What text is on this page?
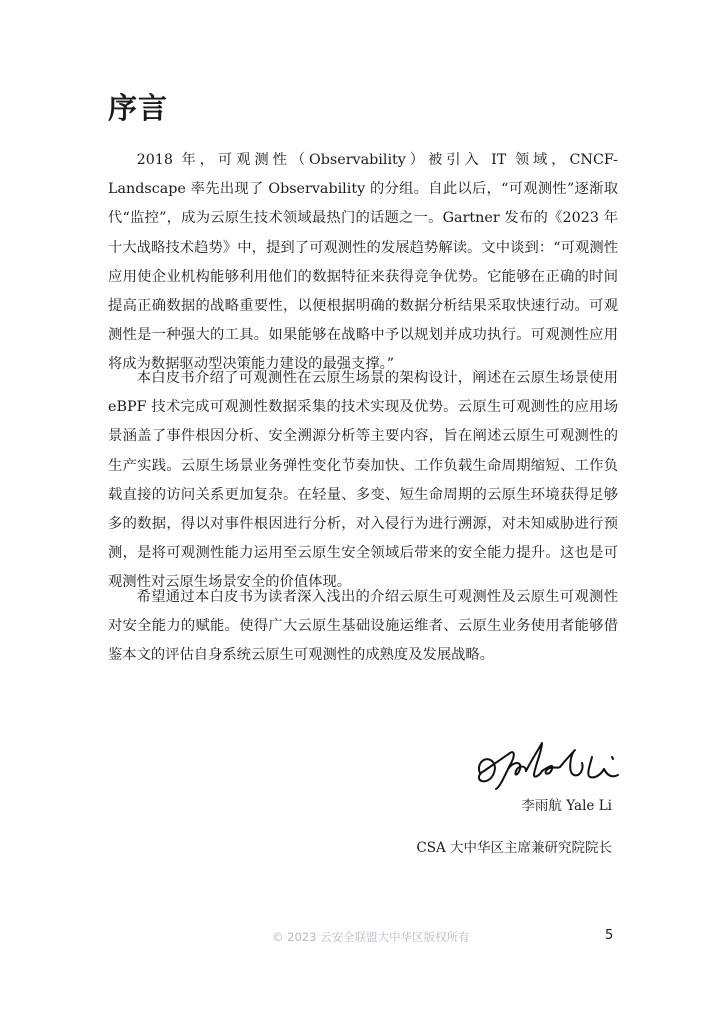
序言

2018 年，可观测性（Observability）被引入 IT 领域，CNCF-Landscape 率先出现了 Observability 的分组。自此以后，“可观测性”逐渐取代“监控”，成为云原生技术领域最热门的话题之一。Gartner 发布的《2023 年十大战略技术趋势》中，提到了可观测性的发展趋势解读。文中谈到：“可观测性应用使企业机构能够利用他们的数据特征来获得竞争优势。它能够在正确的时间提高正确数据的战略重要性，以便根据明确的数据分析结果采取快速行动。可观测性是一种强大的工具。如果能够在战略中予以规划并成功执行。可观测性应用将成为数据驱动型决策能力建设的最强支撑。”

本白皮书介绍了可观测性在云原生场景的架构设计，阐述在云原生场景使用 eBPF 技术完成可观测性数据采集的技术实现及优势。云原生可观测性的应用场景涵盖了事件根因分析、安全溯源分析等主要内容，旨在阐述云原生可观测性的生产实践。云原生场景业务弹性变化节奏加快、工作负载生命周期缩短、工作负载直接的访问关系更加复杂。在轻量、多变、短生命周期的云原生环境获得足够多的数据，得以对事件根因进行分析，对入侵行为进行溯源，对未知威胁进行预测，是将可观测性能力运用至云原生安全领域后带来的安全能力提升。这也是可观测性对云原生场景安全的价值体现。

希望通过本白皮书为读者深入浅出的介绍云原生可观测性及云原生可观测性对安全能力的赋能。使得广大云原生基础设施运维者、云原生业务使用者能够借鉴本文的评估自身系统云原生可观测性的成熟度及发展战略。

李雨航 Yale Li
CSA 大中华区主席兼研究院院长
© 2023 云安全联盟大中华区版权所有	5
